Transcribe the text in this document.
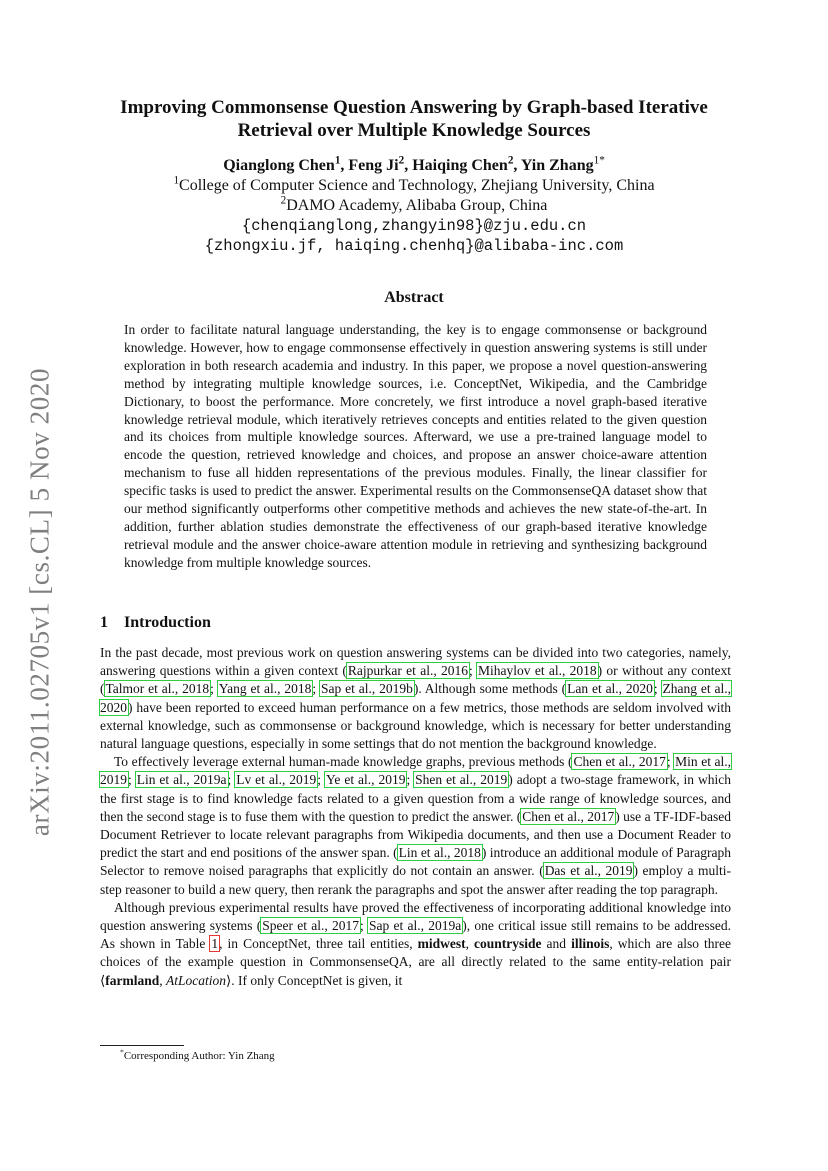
arXiv:2011.02705v1 [cs.CL] 5 Nov 2020
Improving Commonsense Question Answering by Graph-based Iterative
Retrieval over Multiple Knowledge Sources
Qianglong Chen$^1$, Feng Ji$^2$, Haiqing Chen$^2$, Yin Zhang$^{1*}$
$^1$College of Computer Science and Technology, Zhejiang University, China
$^2$DAMO Academy, Alibaba Group, China
{chenqianglong,zhangyin98}@zju.edu.cn
{zhongxiu.jf, haiqing.chenhq}@alibaba-inc.com
Abstract
In order to facilitate natural language understanding, the key is to engage commonsense or background knowledge. However, how to engage commonsense effectively in question answering systems is still under exploration in both research academia and industry. In this paper, we propose a novel question-answering method by integrating multiple knowledge sources, i.e. ConceptNet, Wikipedia, and the Cambridge Dictionary, to boost the performance. More concretely, we first introduce a novel graph-based iterative knowledge retrieval module, which iteratively retrieves concepts and entities related to the given question and its choices from multiple knowledge sources. Afterward, we use a pre-trained language model to encode the question, retrieved knowledge and choices, and propose an answer choice-aware attention mechanism to fuse all hidden representations of the previous modules. Finally, the linear classifier for specific tasks is used to predict the answer. Experimental results on the CommonsenseQA dataset show that our method significantly outperforms other competitive methods and achieves the new state-of-the-art. In addition, further ablation studies demonstrate the effectiveness of our graph-based iterative knowledge retrieval module and the answer choice-aware attention module in retrieving and synthesizing background knowledge from multiple knowledge sources.
1 Introduction

In the past decade, most previous work on question answering systems can be divided into two categories, namely, answering questions within a given context (Rajpurkar et al., 2016; Mihaylov et al., 2018) or without any context (Talmor et al., 2018; Yang et al., 2018; Sap et al., 2019b). Although some methods (Lan et al., 2020; Zhang et al., 2020) have been reported to exceed human performance on a few metrics, those methods are seldom involved with external knowledge, such as commonsense or background knowledge, which is necessary for better understanding natural language questions, especially in some settings that do not mention the background knowledge.

To effectively leverage external human-made knowledge graphs, previous methods (Chen et al., 2017; Min et al., 2019; Lin et al., 2019a; Lv et al., 2019; Ye et al., 2019; Shen et al., 2019) adopt a two-stage framework, in which the first stage is to find knowledge facts related to a given question from a wide range of knowledge sources, and then the second stage is to fuse them with the question to predict the answer. (Chen et al., 2017) use a TF-IDF-based Document Retriever to locate relevant paragraphs from Wikipedia documents, and then use a Document Reader to predict the start and end positions of the answer span. (Lin et al., 2018) introduce an additional module of Paragraph Selector to remove noised paragraphs that explicitly do not contain an answer. (Das et al., 2019) employ a multi-step reasoner to build a new query, then rerank the paragraphs and spot the answer after reading the top paragraph.

Although previous experimental results have proved the effectiveness of incorporating additional knowledge into question answering systems (Speer et al., 2017; Sap et al., 2019a), one critical issue still remains to be addressed. As shown in Table 1, in ConceptNet, three tail entities, midwest, countryside and illinois, which are also three choices of the example question in CommonsenseQA, are all directly related to the same entity-relation pair ⟨farmland, AtLocation⟩. If only ConceptNet is given, it

*Corresponding Author: Yin Zhang
